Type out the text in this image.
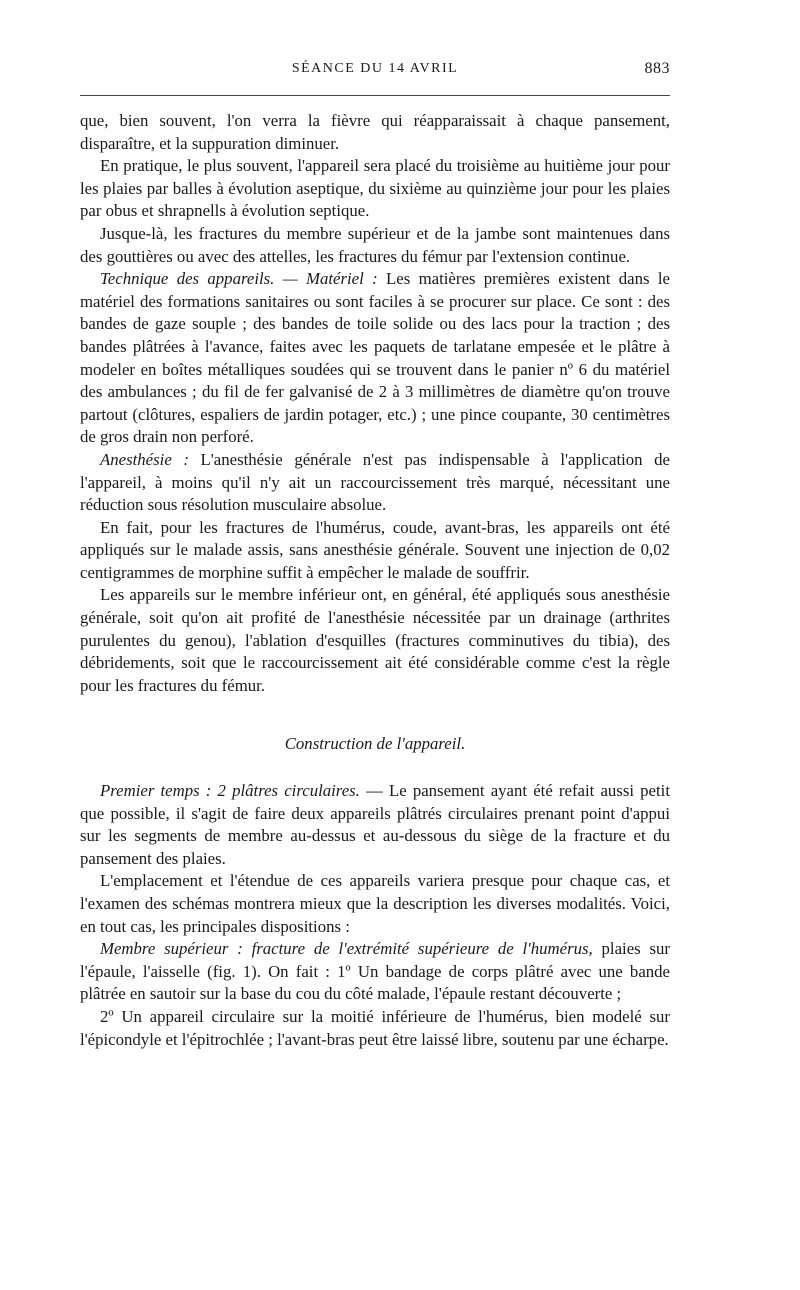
SÉANCE DU 14 AVRIL	883

que, bien souvent, l'on verra la fièvre qui réapparaissait à chaque pansement, disparaître, et la suppuration diminuer.

En pratique, le plus souvent, l'appareil sera placé du troisième au huitième jour pour les plaies par balles à évolution aseptique, du sixième au quinzième jour pour les plaies par obus et shrapnells à évolution septique.

Jusque-là, les fractures du membre supérieur et de la jambe sont maintenues dans des gouttières ou avec des attelles, les fractures du fémur par l'extension continue.

Technique des appareils. — Matériel : Les matières premières existent dans le matériel des formations sanitaires ou sont faciles à se procurer sur place. Ce sont : des bandes de gaze souple ; des bandes de toile solide ou des lacs pour la traction ; des bandes plâtrées à l'avance, faites avec les paquets de tarlatane empesée et le plâtre à modeler en boîtes métalliques soudées qui se trouvent dans le panier nº 6 du matériel des ambulances ; du fil de fer galvanisé de 2 à 3 millimètres de diamètre qu'on trouve partout (clôtures, espaliers de jardin potager, etc.) ; une pince coupante, 30 centimètres de gros drain non perforé.

Anesthésie : L'anesthésie générale n'est pas indispensable à l'application de l'appareil, à moins qu'il n'y ait un raccourcissement très marqué, nécessitant une réduction sous résolution musculaire absolue.

En fait, pour les fractures de l'humérus, coude, avant-bras, les appareils ont été appliqués sur le malade assis, sans anesthésie générale. Souvent une injection de 0,02 centigrammes de morphine suffit à empêcher le malade de souffrir.

Les appareils sur le membre inférieur ont, en général, été appliqués sous anesthésie générale, soit qu'on ait profité de l'anesthésie nécessitée par un drainage (arthrites purulentes du genou), l'ablation d'esquilles (fractures comminutives du tibia), des débridements, soit que le raccourcissement ait été considérable comme c'est la règle pour les fractures du fémur.

Construction de l'appareil.

Premier temps : 2 plâtres circulaires. — Le pansement ayant été refait aussi petit que possible, il s'agit de faire deux appareils plâtrés circulaires prenant point d'appui sur les segments de membre au-dessus et au-dessous du siège de la fracture et du pansement des plaies.

L'emplacement et l'étendue de ces appareils variera presque pour chaque cas, et l'examen des schémas montrera mieux que la description les diverses modalités. Voici, en tout cas, les principales dispositions :

Membre supérieur : fracture de l'extrémité supérieure de l'humérus, plaies sur l'épaule, l'aisselle (fig. 1). On fait : 1º Un bandage de corps plâtré avec une bande plâtrée en sautoir sur la base du cou du côté malade, l'épaule restant découverte ;

2º Un appareil circulaire sur la moitié inférieure de l'humérus, bien modelé sur l'épicondyle et l'épitrochlée ; l'avant-bras peut être laissé libre, soutenu par une écharpe.
